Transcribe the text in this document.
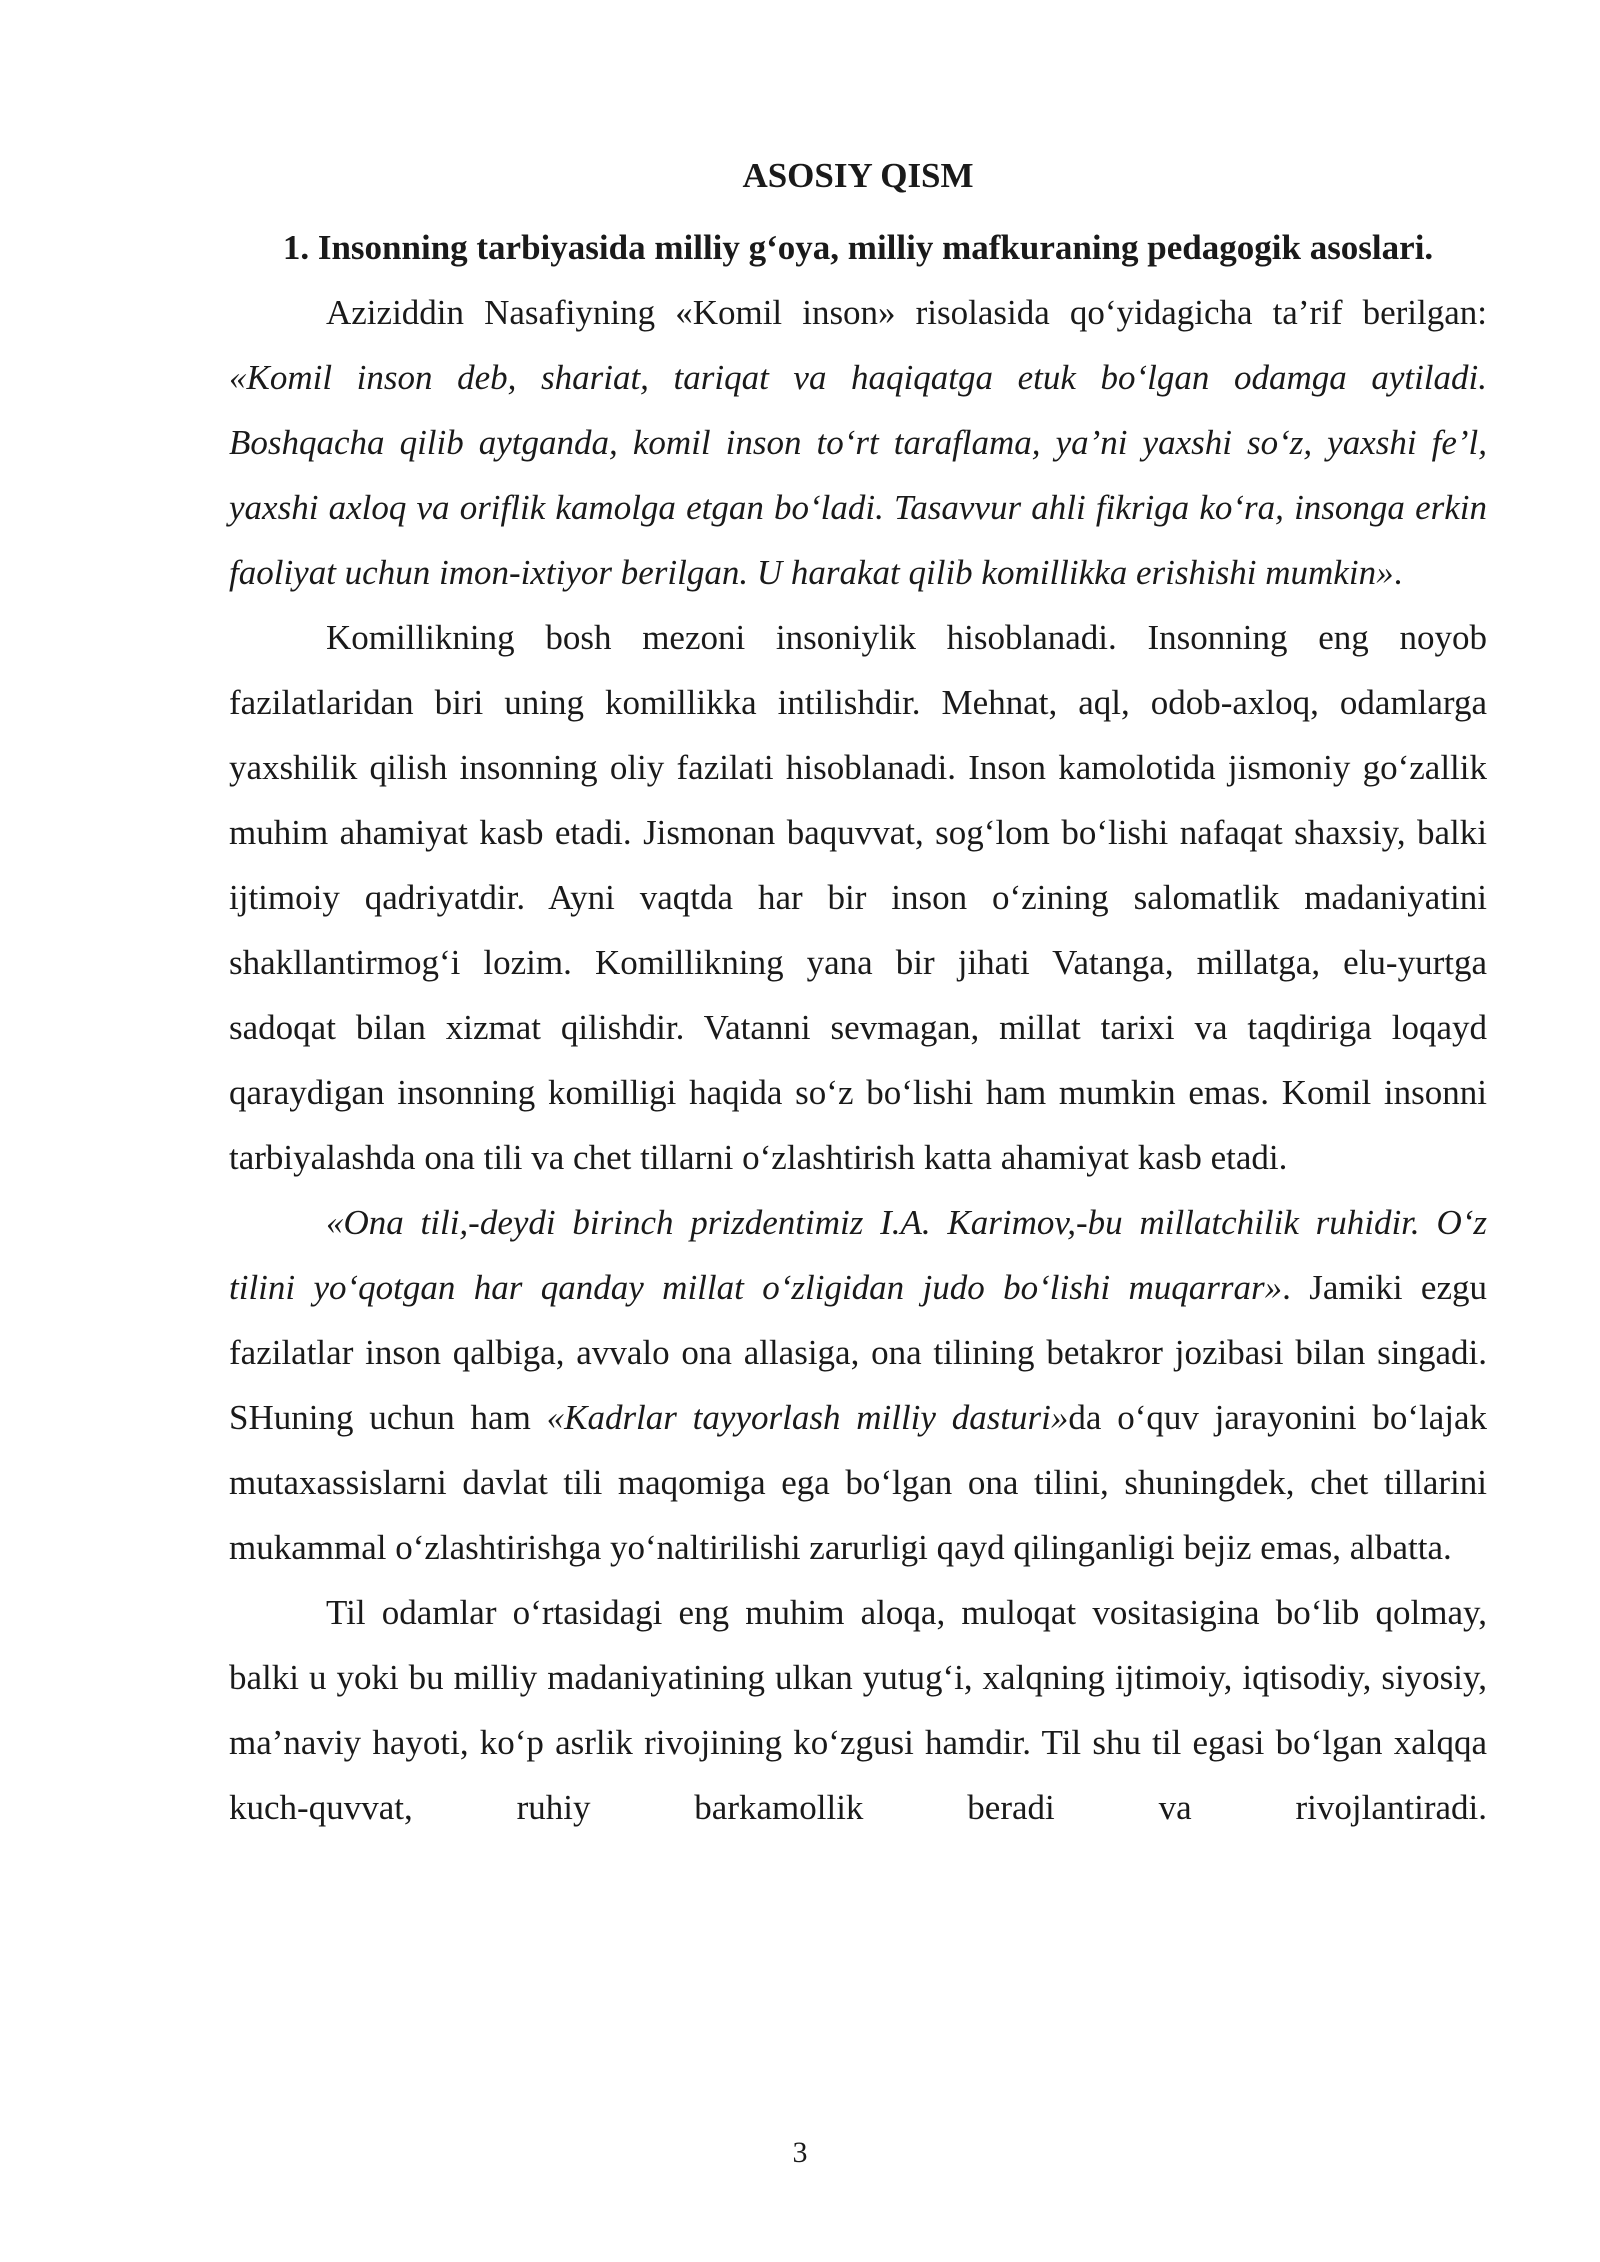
ASOSIY QISM
1. Insonning tarbiyasida milliy g‘oya, milliy mafkuraning pedagogik asoslari.

Aziziddin Nasafiyning «Komil inson» risolasida qo‘yidagicha ta’rif berilgan: «Komil inson deb, shariat, tariqat va haqiqatga etuk bo‘lgan odamga aytiladi. Boshqacha qilib aytganda, komil inson to‘rt taraflama, ya’ni yaxshi so‘z, yaxshi fe’l, yaxshi axloq va oriflik kamolga etgan bo‘ladi. Tasavvur ahli fikriga ko‘ra, insonga erkin faoliyat uchun imon-ixtiyor berilgan. U harakat qilib komillikka erishishi mumkin».

Komillikning bosh mezoni insoniylik hisoblanadi. Insonning eng noyob fazilatlaridan biri uning komillikka intilishdir. Mehnat, aql, odob-axloq, odamlarga yaxshilik qilish insonning oliy fazilati hisoblanadi. Inson kamolotida jismoniy go‘zallik muhim ahamiyat kasb etadi. Jismonan baquvvat, sog‘lom bo‘lishi nafaqat shaxsiy, balki ijtimoiy qadriyatdir. Ayni vaqtda har bir inson o‘zining salomatlik madaniyatini shakllantirmog‘i lozim. Komillikning yana bir jihati Vatanga, millatga, elu-yurtga sadoqat bilan xizmat qilishdir. Vatanni sevmagan, millat tarixi va taqdiriga loqayd qaraydigan insonning komilligi haqida so‘z bo‘lishi ham mumkin emas. Komil insonni tarbiyalashda ona tili va chet tillarni o‘zlashtirish katta ahamiyat kasb etadi.

«Ona tili,-deydi birinch prizdentimiz I.A. Karimov,-bu millatchilik ruhidir. O‘z tilini yo‘qotgan har qanday millat o‘zligidan judo bo‘lishi muqarrar». Jamiki ezgu fazilatlar inson qalbiga, avvalo ona allasiga, ona tilining betakror jozibasi bilan singadi. SHuning uchun ham «Kadrlar tayyorlash milliy dasturi»da o‘quv jarayonini bo‘lajak mutaxassislarni davlat tili maqomiga ega bo‘lgan ona tilini, shuningdek, chet tillarini mukammal o‘zlashtirishga yo‘naltirilishi zarurligi qayd qilinganligi bejiz emas, albatta.

Til odamlar o‘rtasidagi eng muhim aloqa, muloqat vositasigina bo‘lib qolmay, balki u yoki bu milliy madaniyatining ulkan yutug‘i, xalqning ijtimoiy, iqtisodiy, siyosiy, ma’naviy hayoti, ko‘p asrlik rivojining ko‘zgusi hamdir. Til shu til egasi bo‘lgan xalqqa kuch-quvvat, ruhiy barkamollik beradi va rivojlantiradi.

3
